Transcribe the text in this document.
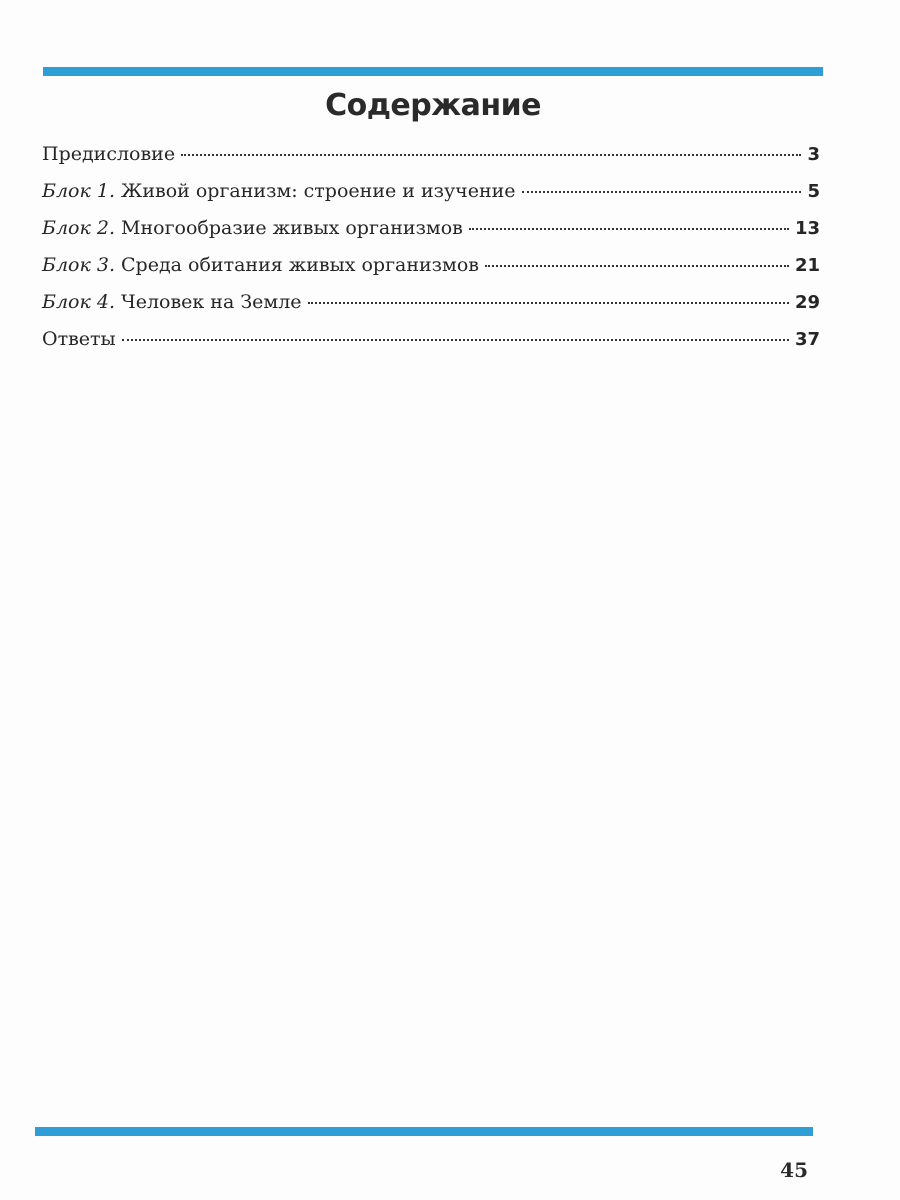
Содержание
Предисловие	3
Блок 1. Живой организм: строение и изучение	5
Блок 2. Многообразие живых организмов	13
Блок 3. Среда обитания живых организмов	21
Блок 4. Человек на Земле	29
Ответы	37
45
